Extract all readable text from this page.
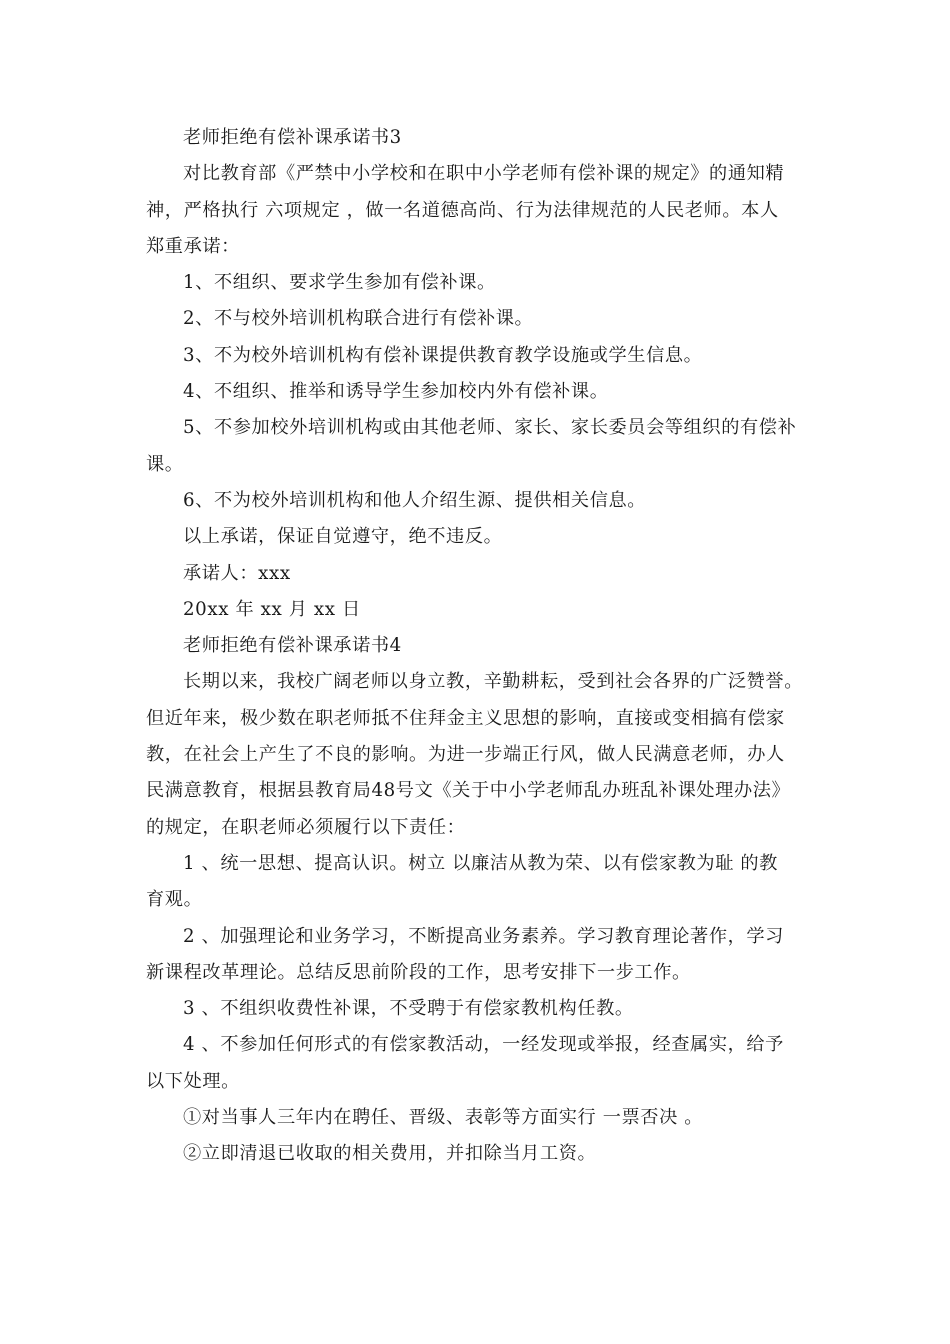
老师拒绝有偿补课承诺书3
对比教育部《严禁中小学校和在职中小学老师有偿补课的规定》的通知精
神，严格执行 六项规定 ，做一名道德高尚、行为法律规范的人民老师。本人
郑重承诺：
1、不组织、要求学生参加有偿补课。
2、不与校外培训机构联合进行有偿补课。
3、不为校外培训机构有偿补课提供教育教学设施或学生信息。
4、不组织、推举和诱导学生参加校内外有偿补课。
5、不参加校外培训机构或由其他老师、家长、家长委员会等组织的有偿补
课。
6、不为校外培训机构和他人介绍生源、提供相关信息。
以上承诺，保证自觉遵守，绝不违反。
承诺人：xxx
20xx 年 xx 月 xx 日
老师拒绝有偿补课承诺书4
长期以来，我校广阔老师以身立教，辛勤耕耘，受到社会各界的广泛赞誉。
但近年来，极少数在职老师抵不住拜金主义思想的影响，直接或变相搞有偿家
教，在社会上产生了不良的影响。为进一步端正行风，做人民满意老师，办人
民满意教育，根据县教育局48号文《关于中小学老师乱办班乱补课处理办法》
的规定，在职老师必须履行以下责任：
1 、统一思想、提高认识。树立 以廉洁从教为荣、以有偿家教为耻 的教
育观。
2 、加强理论和业务学习，不断提高业务素养。学习教育理论著作，学习
新课程改革理论。总结反思前阶段的工作，思考安排下一步工作。
3 、不组织收费性补课，不受聘于有偿家教机构任教。
4 、不参加任何形式的有偿家教活动，一经发现或举报，经查属实，给予
以下处理。
①对当事人三年内在聘任、晋级、表彰等方面实行 一票否决 。
②立即清退已收取的相关费用，并扣除当月工资。
